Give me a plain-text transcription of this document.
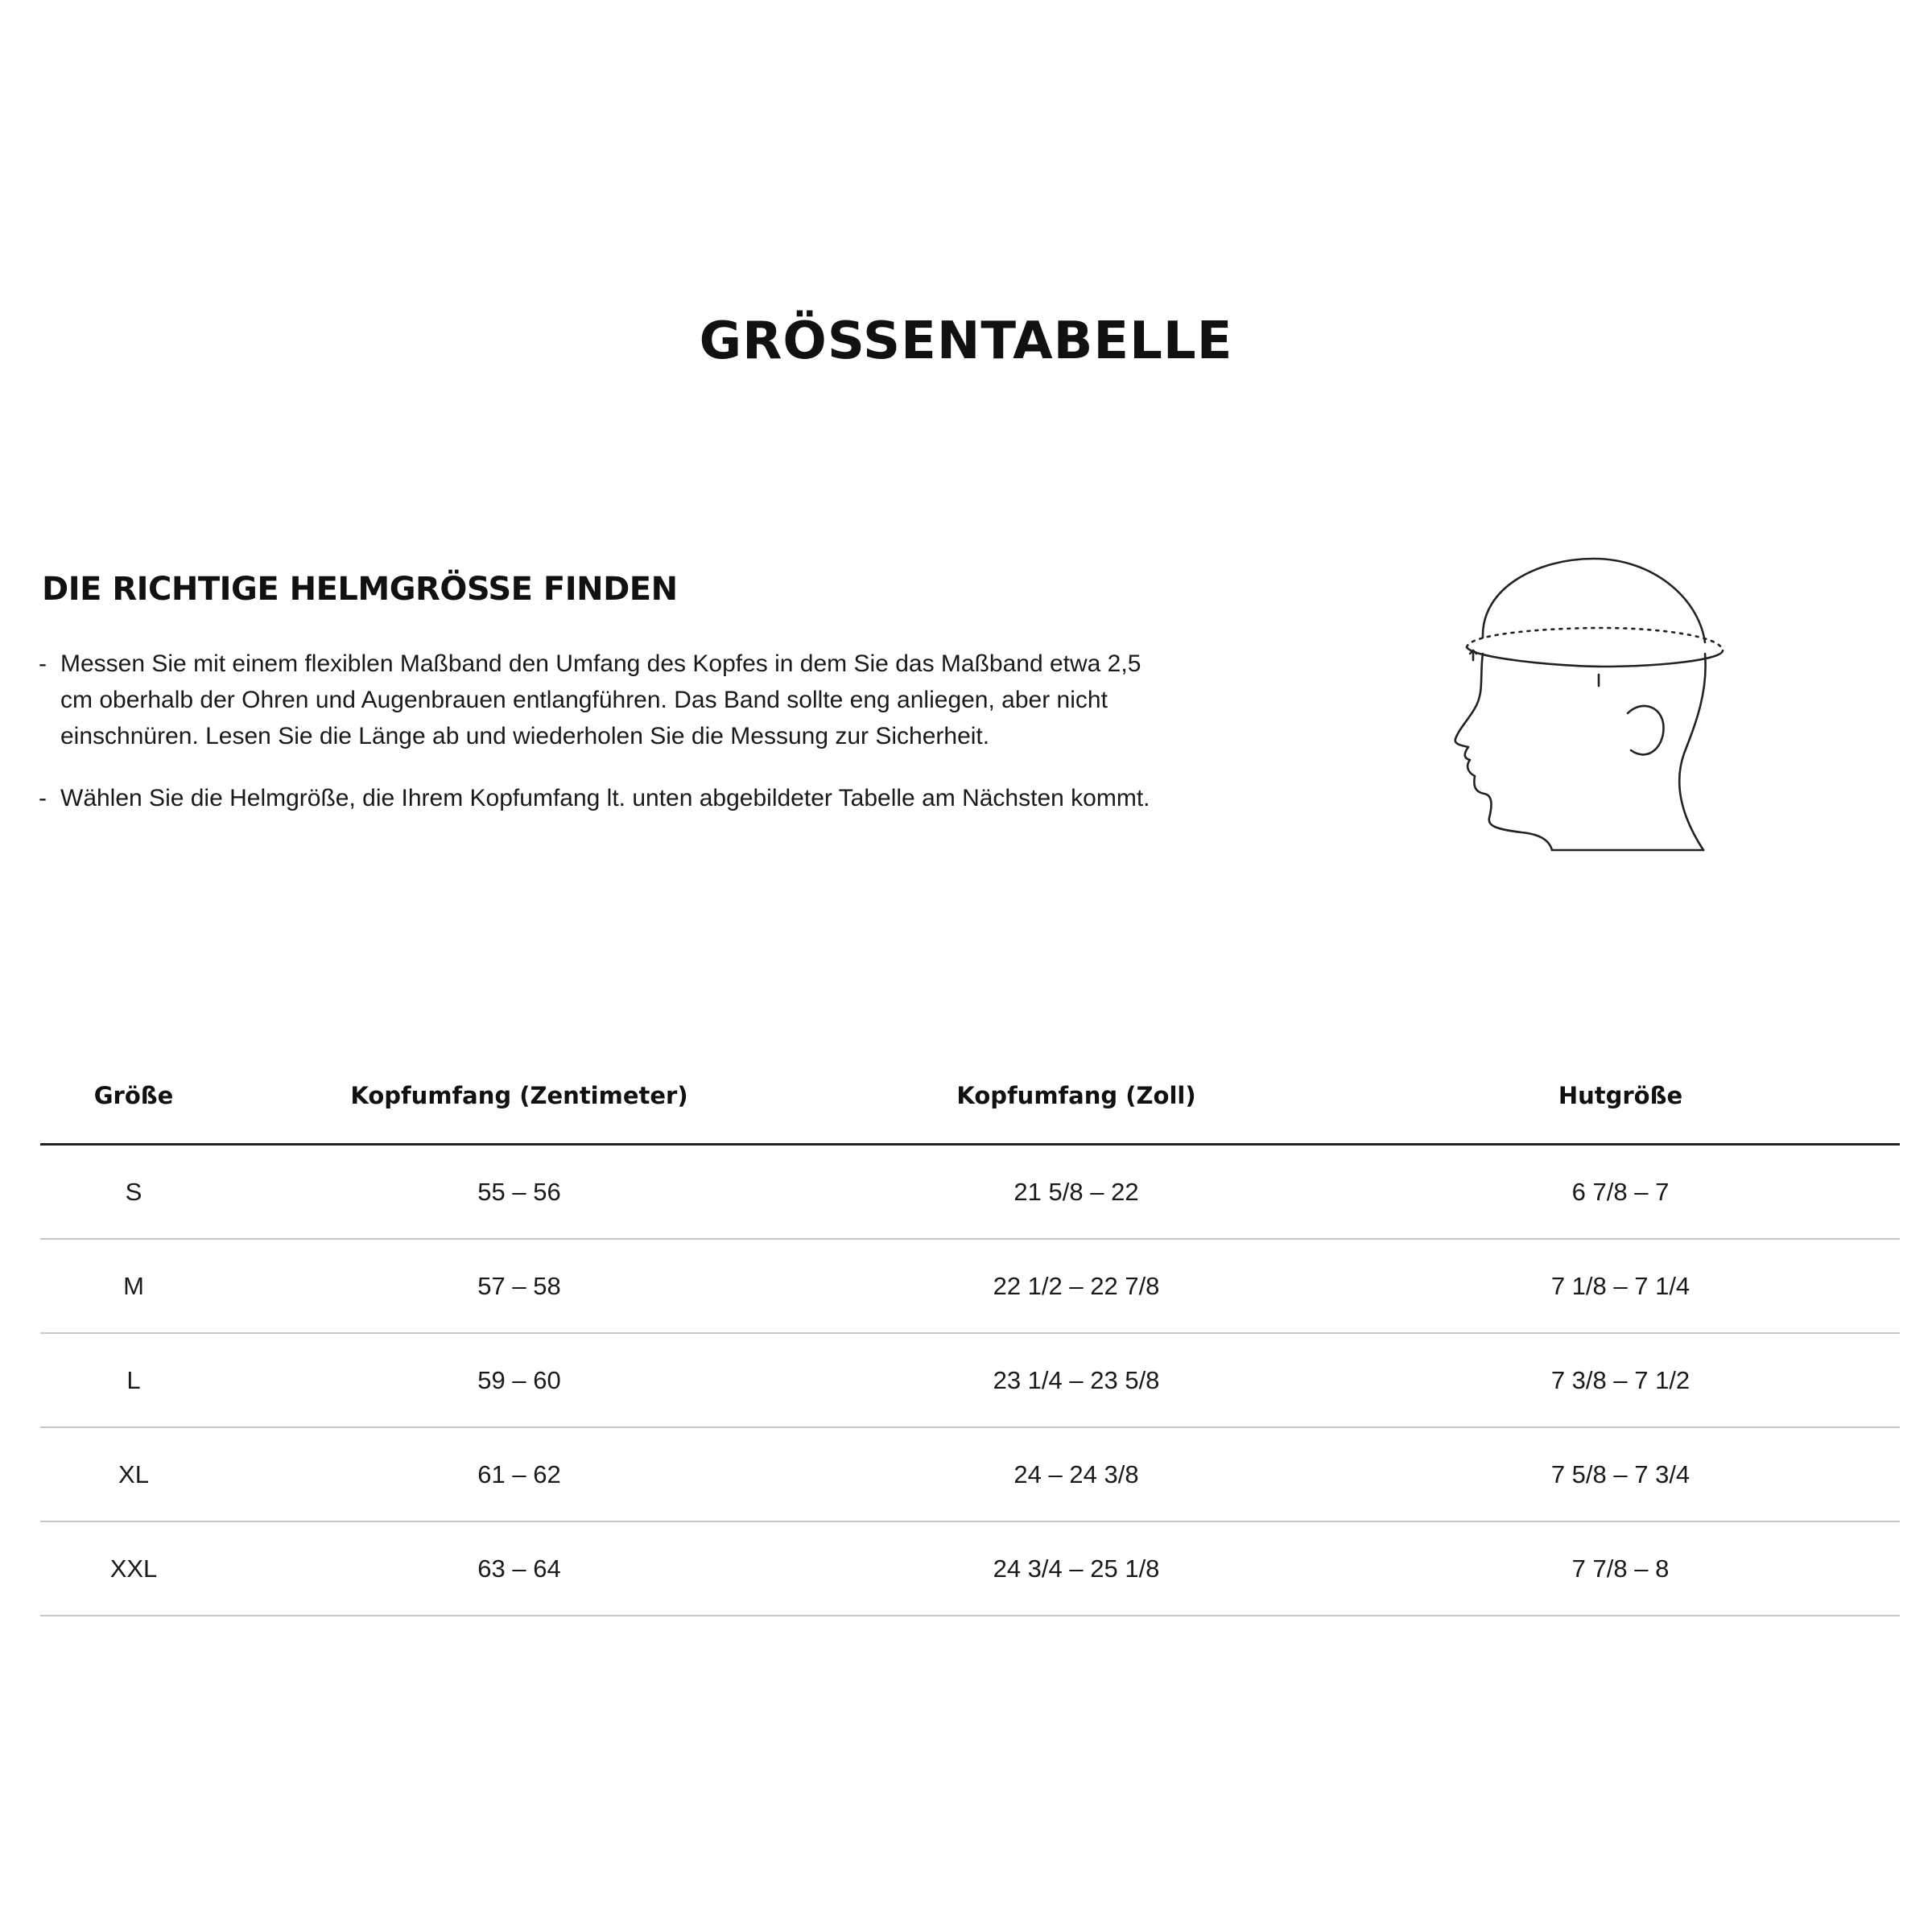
GRÖSSENTABELLE
DIE RICHTIGE HELMGRÖSSE FINDEN
- Messen Sie mit einem flexiblen Maßband den Umfang des Kopfes in dem Sie das Maßband etwa 2,5 cm oberhalb der Ohren und Augenbrauen entlangführen. Das Band sollte eng anliegen, aber nicht einschnüren. Lesen Sie die Länge ab und wiederholen Sie die Messung zur Sicherheit.
- Wählen Sie die Helmgröße, die Ihrem Kopfumfang lt. unten abgebildeter Tabelle am Nächsten kommt.
Größe	Kopfumfang (Zentimeter)	Kopfumfang (Zoll)	Hutgröße
S	55 – 56	21 5/8 – 22	6 7/8 – 7
M	57 – 58	22 1/2 – 22 7/8	7 1/8 – 7 1/4
L	59 – 60	23 1/4 – 23 5/8	7 3/8 – 7 1/2
XL	61 – 62	24 – 24 3/8	7 5/8 – 7 3/4
XXL	63 – 64	24 3/4 – 25 1/8	7 7/8 – 8
